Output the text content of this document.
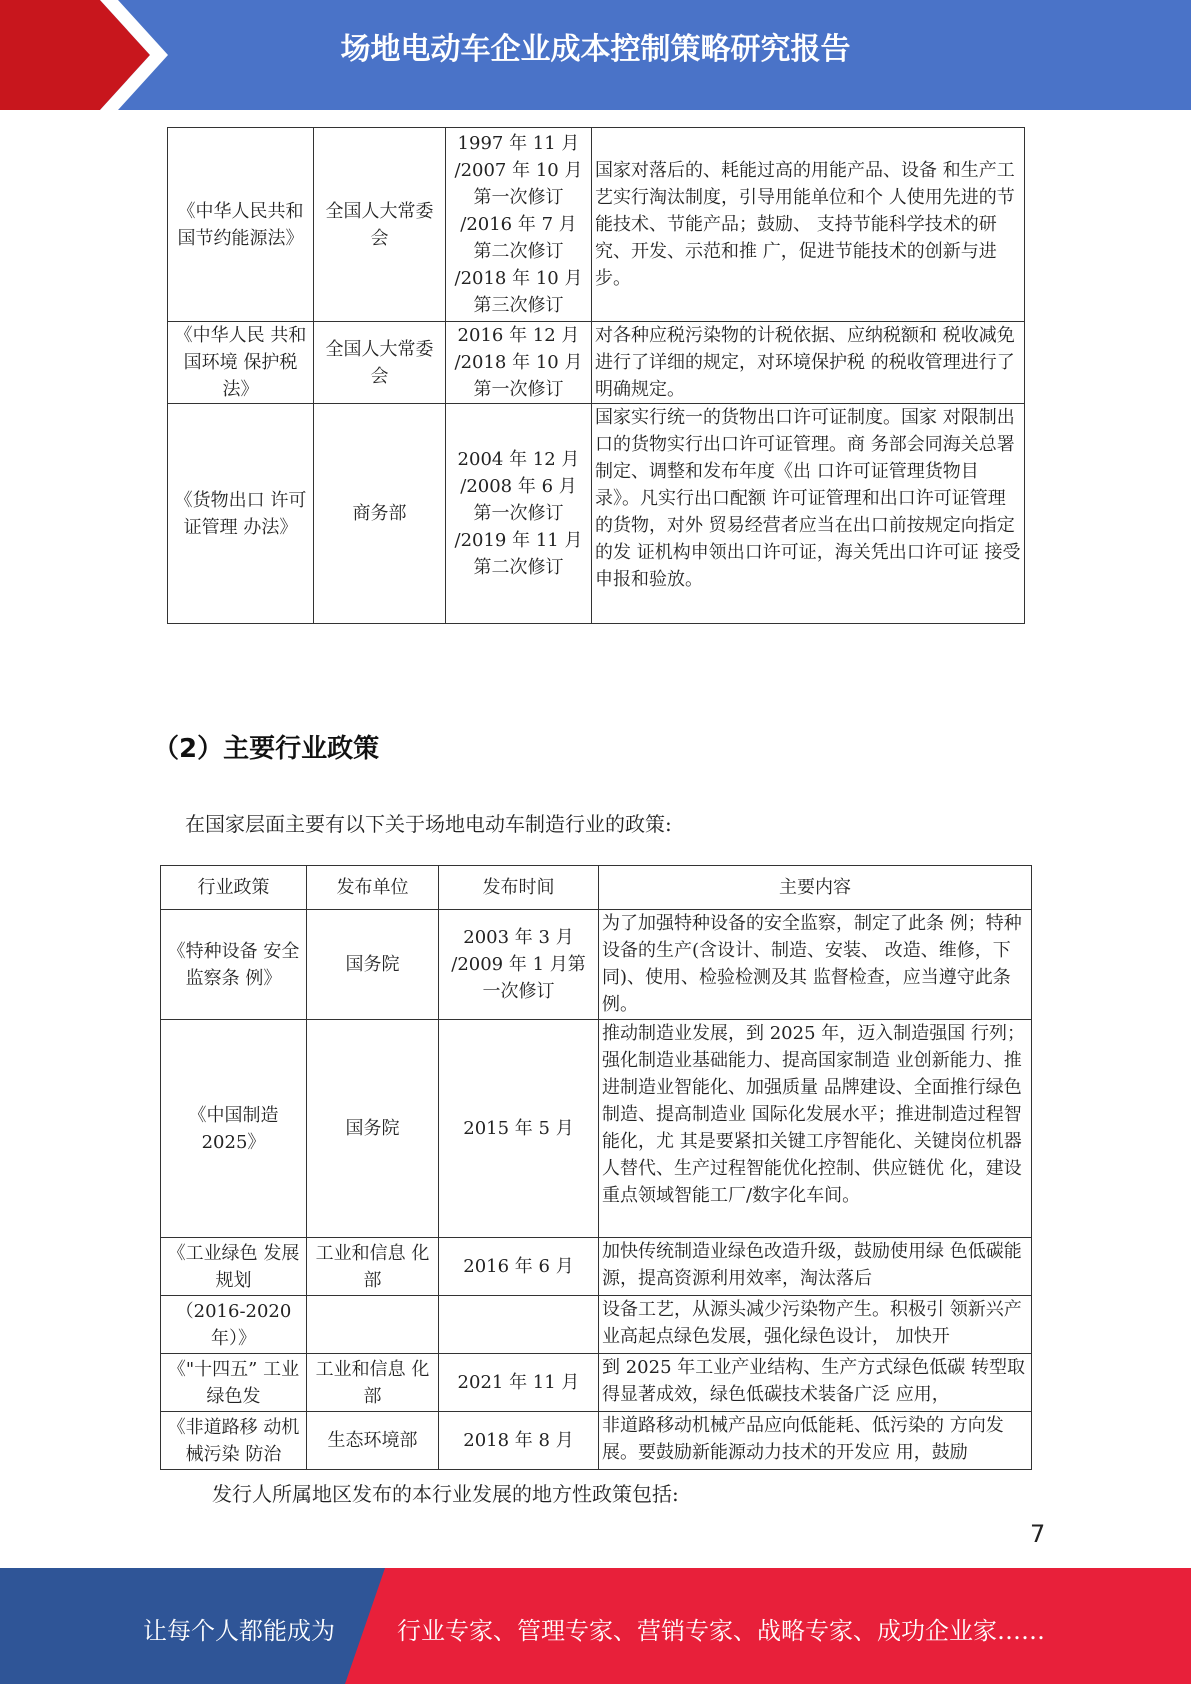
场地电动车企业成本控制策略研究报告
《中华人民共和国节约能源法》	全国人大常委会	1997 年 11 月 /2007 年 10 月第一次修订 /2016 年 7 月 第二次修订 /2018 年 10 月第三次修订	国家对落后的、耗能过高的用能产品、设备 和生产工艺实行淘汰制度，引导用能单位和个 人使用先进的节能技术、节能产品；鼓励、 支持节能科学技术的研究、开发、示范和推 广，促进节能技术的创新与进步。
《中华人民 共和国环境 保护税法》	全国人大常委会	2016 年 12 月 /2018 年 10 月第一次修订	对各种应税污染物的计税依据、应纳税额和 税收减免进行了详细的规定，对环境保护税 的税收管理进行了明确规定。
《货物出口 许可证管理 办法》	商务部	2004 年 12 月 /2008 年 6 月 第一次修订 /2019 年 11 月 第二次修订	国家实行统一的货物出口许可证制度。国家 对限制出口的货物实行出口许可证管理。商 务部会同海关总署制定、调整和发布年度《出 口许可证管理货物目录》。凡实行出口配额 许可证管理和出口许可证管理的货物，对外 贸易经营者应当在出口前按规定向指定的发 证机构申领出口许可证，海关凭出口许可证 接受申报和验放。
（2）主要行业政策
在国家层面主要有以下关于场地电动车制造行业的政策:
行业政策	发布单位	发布时间	主要内容
《特种设备 安全监察条 例》	国务院	2003 年 3 月 /2009 年 1 月第一次修订	为了加强特种设备的安全监察，制定了此条 例；特种设备的生产(含设计、制造、安装、 改造、维修，下同)、使用、检验检测及其 监督检查，应当遵守此条例。
《中国制造 2025》	国务院	2015 年 5 月	推动制造业发展，到 2025 年，迈入制造强国 行列；强化制造业基础能力、提高国家制造 业创新能力、推进制造业智能化、加强质量 品牌建设、全面推行绿色制造、提高制造业 国际化发展水平；推进制造过程智能化，尤 其是要紧扣关键工序智能化、关键岗位机器 人替代、生产过程智能优化控制、供应链优 化，建设重点领域智能工厂/数字化车间。
《工业绿色 发展规划	工业和信息 化部	2016 年 6 月	加快传统制造业绿色改造升级，鼓励使用绿 色低碳能源，提高资源利用效率，淘汰落后
（2016-2020 年）》			设备工艺，从源头减少污染物产生。积极引 领新兴产业高起点绿色发展，强化绿色设计， 加快开
《"十四五” 工业绿色发	工业和信息 化部	2021 年 11 月	到 2025 年工业产业结构、生产方式绿色低碳 转型取得显著成效，绿色低碳技术装备广泛 应用，
《非道路移 动机械污染 防治	生态环境部	2018 年 8 月	非道路移动机械产品应向低能耗、低污染的 方向发展。要鼓励新能源动力技术的开发应 用，鼓励
发行人所属地区发布的本行业发展的地方性政策包括:
7
让每个人都能成为	行业专家、管理专家、营销专家、战略专家、成功企业家……
